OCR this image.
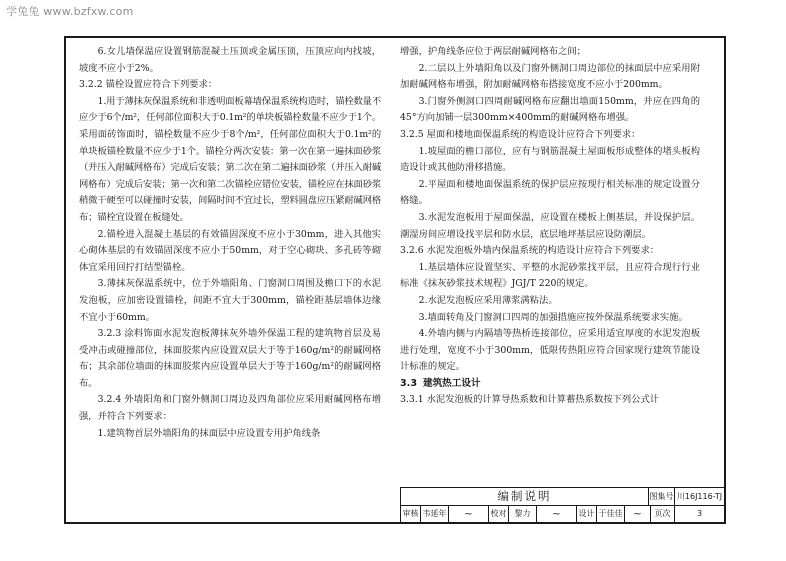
学兔兔 www.bzfxw.com

6.女儿墙保温应设置钢筋混凝土压顶或金属压顶，压顶应向内找坡，坡度不应小于2%。

3.2.2 锚栓设置应符合下列要求：

1.用于薄抹灰保温系统和非透明面板幕墙保温系统构造时，锚栓数量不应少于6个/m²，任何部位面积大于0.1m²的单块板锚栓数量不应少于1个。采用面砖饰面时，锚栓数量不应少于8个/m²，任何部位面积大于0.1m²的单块板锚栓数量不应少于1个。锚栓分两次安装：第一次在第一遍抹面砂浆（并压入耐碱网格布）完成后安装；第二次在第二遍抹面砂浆（并压入耐碱网格布）完成后安装；第一次和第二次锚栓应错位安装，锚栓应在抹面砂浆稍微干硬至可以碰撞时安装，间隔时间不宜过长，塑料圆盘应压紧耐碱网格布；锚栓宜设置在板缝处。

2.锚栓进入混凝土基层的有效锚固深度不应小于30mm，进入其他实心砌体基层的有效锚固深度不应小于50mm，对于空心砌块、多孔砖等砌体宜采用回拧打结型锚栓。

3.薄抹灰保温系统中，位于外墙阳角、门窗洞口周围及檐口下的水泥发泡板，应加密设置锚栓，间距不宜大于300mm，锚栓距基层墙体边缘不宜小于60mm。

3.2.3 涂料饰面水泥发泡板薄抹灰外墙外保温工程的建筑物首层及易受冲击或碰撞部位，抹面胶浆内应设置双层大于等于160g/m²的耐碱网格布；其余部位墙面的抹面胶浆内应设置单层大于等于160g/m²的耐碱网格布。

3.2.4 外墙阳角和门窗外侧洞口周边及四角部位应采用耐碱网格布增强，并符合下列要求：

1.建筑物首层外墙阳角的抹面层中应设置专用护角线条

增强，护角线条应位于两层耐碱网格布之间；

2.二层以上外墙阳角以及门窗外侧洞口周边部位的抹面层中应采用附加耐碱网格布增强，附加耐碱网格布搭接宽度不应小于200mm。

3.门窗外侧洞口四周耐碱网格布应翻出墙面150mm，并应在四角的45°方向加铺一层300mm×400mm的耐碱网格布增强。

3.2.5 屋面和楼地面保温系统的构造设计应符合下列要求：

1.坡屋面的檐口部位，应有与钢筋混凝土屋面板形成整体的堵头板构造设计或其他防滑移措施。

2.平屋面和楼地面保温系统的保护层应按现行相关标准的规定设置分格缝。

3.水泥发泡板用于屋面保温，应设置在楼板上侧基层，并设保护层。潮湿房间应增设找平层和防水层，底层地坪基层应设防潮层。

3.2.6 水泥发泡板外墙内保温系统的构造设计应符合下列要求：

1.基层墙体应设置坚实、平整的水泥砂浆找平层，且应符合现行行业标准《抹灰砂浆技术规程》JGJ/T 220的规定。

2.水泥发泡板应采用薄浆满粘法。

3.墙面转角及门窗洞口四周的加强措施应按外保温系统要求实施。

4.外墙内侧与内隔墙等热桥连接部位，应采用适宜厚度的水泥发泡板进行处理，宽度不小于300mm，低限传热阻应符合国家现行建筑节能设计标准的规定。

3.3 建筑热工设计

3.3.1 水泥发泡板的计算导热系数和计算蓄热系数按下列公式计

编制说明	图集号 川16J116-TJ
审核 韦延年	~	校对	黎力	~	设计 于佳佳 ~	页次	3
